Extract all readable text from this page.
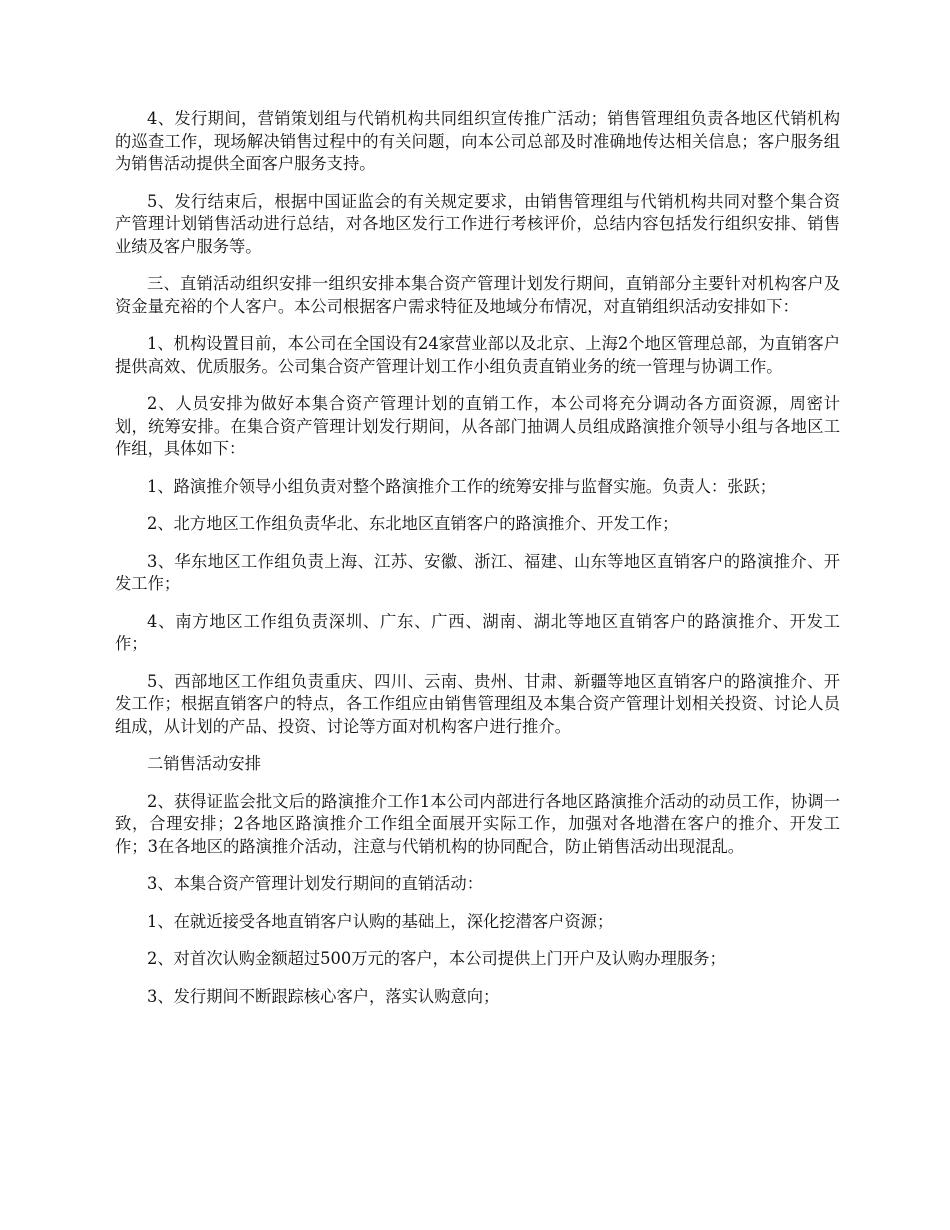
4、发行期间，营销策划组与代销机构共同组织宣传推广活动；销售管理组负责各地区代销机构的巡查工作，现场解决销售过程中的有关问题，向本公司总部及时准确地传达相关信息；客户服务组为销售活动提供全面客户服务支持。

5、发行结束后，根据中国证监会的有关规定要求，由销售管理组与代销机构共同对整个集合资产管理计划销售活动进行总结，对各地区发行工作进行考核评价，总结内容包括发行组织安排、销售业绩及客户服务等。

三、直销活动组织安排一组织安排本集合资产管理计划发行期间，直销部分主要针对机构客户及资金量充裕的个人客户。本公司根据客户需求特征及地域分布情况，对直销组织活动安排如下：

1、机构设置目前，本公司在全国设有24家营业部以及北京、上海2个地区管理总部，为直销客户提供高效、优质服务。公司集合资产管理计划工作小组负责直销业务的统一管理与协调工作。

2、人员安排为做好本集合资产管理计划的直销工作，本公司将充分调动各方面资源，周密计划，统筹安排。在集合资产管理计划发行期间，从各部门抽调人员组成路演推介领导小组与各地区工作组，具体如下：

1、路演推介领导小组负责对整个路演推介工作的统筹安排与监督实施。负责人：张跃；

2、北方地区工作组负责华北、东北地区直销客户的路演推介、开发工作；

3、华东地区工作组负责上海、江苏、安徽、浙江、福建、山东等地区直销客户的路演推介、开发工作；

4、南方地区工作组负责深圳、广东、广西、湖南、湖北等地区直销客户的路演推介、开发工作；

5、西部地区工作组负责重庆、四川、云南、贵州、甘肃、新疆等地区直销客户的路演推介、开发工作；根据直销客户的特点，各工作组应由销售管理组及本集合资产管理计划相关投资、讨论人员组成，从计划的产品、投资、讨论等方面对机构客户进行推介。

二销售活动安排

2、获得证监会批文后的路演推介工作1本公司内部进行各地区路演推介活动的动员工作，协调一致，合理安排；2各地区路演推介工作组全面展开实际工作，加强对各地潜在客户的推介、开发工作；3在各地区的路演推介活动，注意与代销机构的协同配合，防止销售活动出现混乱。

3、本集合资产管理计划发行期间的直销活动：

1、在就近接受各地直销客户认购的基础上，深化挖潜客户资源；

2、对首次认购金额超过500万元的客户，本公司提供上门开户及认购办理服务；

3、发行期间不断跟踪核心客户，落实认购意向；
